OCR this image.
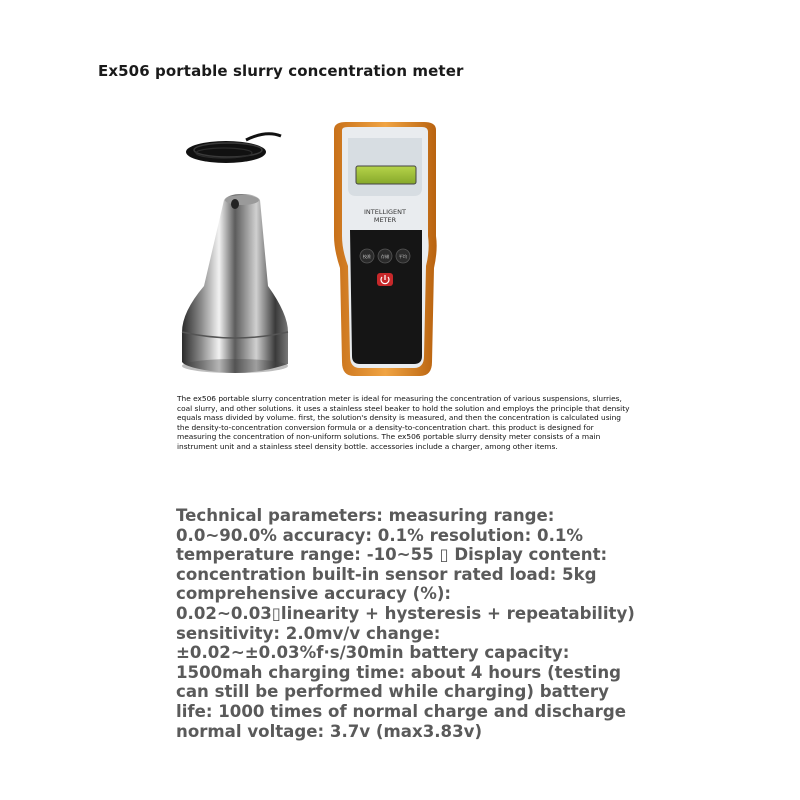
Ex506 portable slurry concentration meter
INTELLIGENT
METER
校准 存储 平均

The ex506 portable slurry concentration meter is ideal for measuring the concentration of various suspensions, slurries, coal slurry, and other solutions. it uses a stainless steel beaker to hold the solution and employs the principle that density equals mass divided by volume. first, the solution's density is measured, and then the concentration is calculated using the density-to-concentration conversion formula or a density-to-concentration chart. this product is designed for measuring the concentration of non-uniform solutions. The ex506 portable slurry density meter consists of a main instrument unit and a stainless steel density bottle. accessories include a charger, among other items.

Technical parameters: measuring range: 0.0~90.0% accuracy: 0.1% resolution: 0.1% temperature range: -10~55 ▯ Display content: concentration built-in sensor rated load: 5kg comprehensive accuracy (%): 0.02~0.03▯linearity + hysteresis + repeatability) sensitivity: 2.0mv/v change: ±0.02~±0.03%f·s/30min battery capacity: 1500mah charging time: about 4 hours (testing can still be performed while charging) battery life: 1000 times of normal charge and discharge normal voltage: 3.7v (max3.83v)
